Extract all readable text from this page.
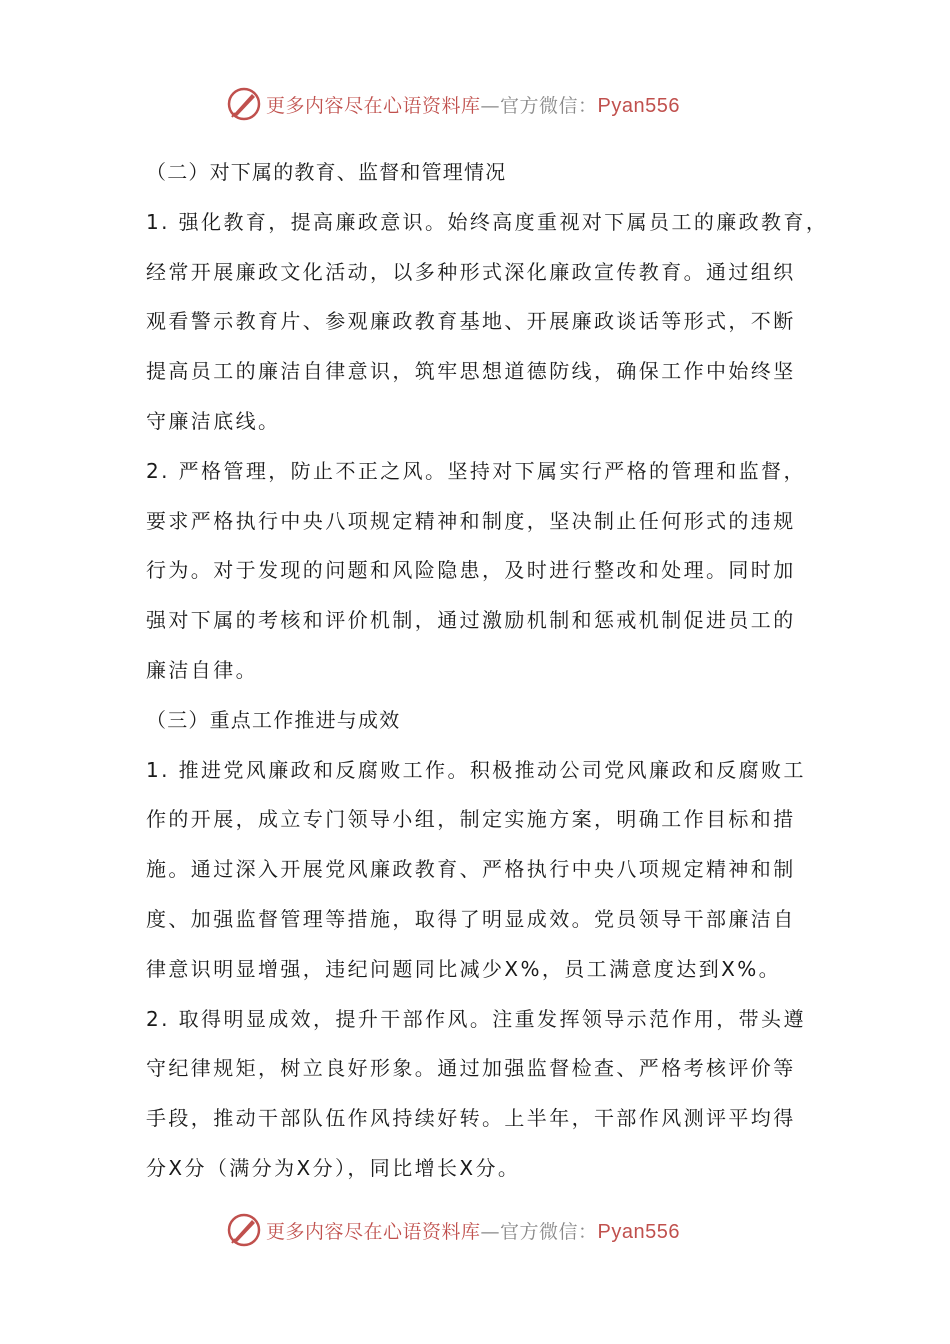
更多内容尽在心语资料库—官方微信：Pyan556
（二）对下属的教育、监督和管理情况
1. 强化教育，提高廉政意识。始终高度重视对下属员工的廉政教育，
经常开展廉政文化活动，以多种形式深化廉政宣传教育。通过组织
观看警示教育片、参观廉政教育基地、开展廉政谈话等形式，不断
提高员工的廉洁自律意识，筑牢思想道德防线，确保工作中始终坚
守廉洁底线。
2. 严格管理，防止不正之风。坚持对下属实行严格的管理和监督，
要求严格执行中央八项规定精神和制度，坚决制止任何形式的违规
行为。对于发现的问题和风险隐患，及时进行整改和处理。同时加
强对下属的考核和评价机制，通过激励机制和惩戒机制促进员工的
廉洁自律。
（三）重点工作推进与成效
1. 推进党风廉政和反腐败工作。积极推动公司党风廉政和反腐败工
作的开展，成立专门领导小组，制定实施方案，明确工作目标和措
施。通过深入开展党风廉政教育、严格执行中央八项规定精神和制
度、加强监督管理等措施，取得了明显成效。党员领导干部廉洁自
律意识明显增强，违纪问题同比减少X%，员工满意度达到X%。
2. 取得明显成效，提升干部作风。注重发挥领导示范作用，带头遵
守纪律规矩，树立良好形象。通过加强监督检查、严格考核评价等
手段，推动干部队伍作风持续好转。上半年，干部作风测评平均得
分X分（满分为X分），同比增长X分。
更多内容尽在心语资料库—官方微信：Pyan556
